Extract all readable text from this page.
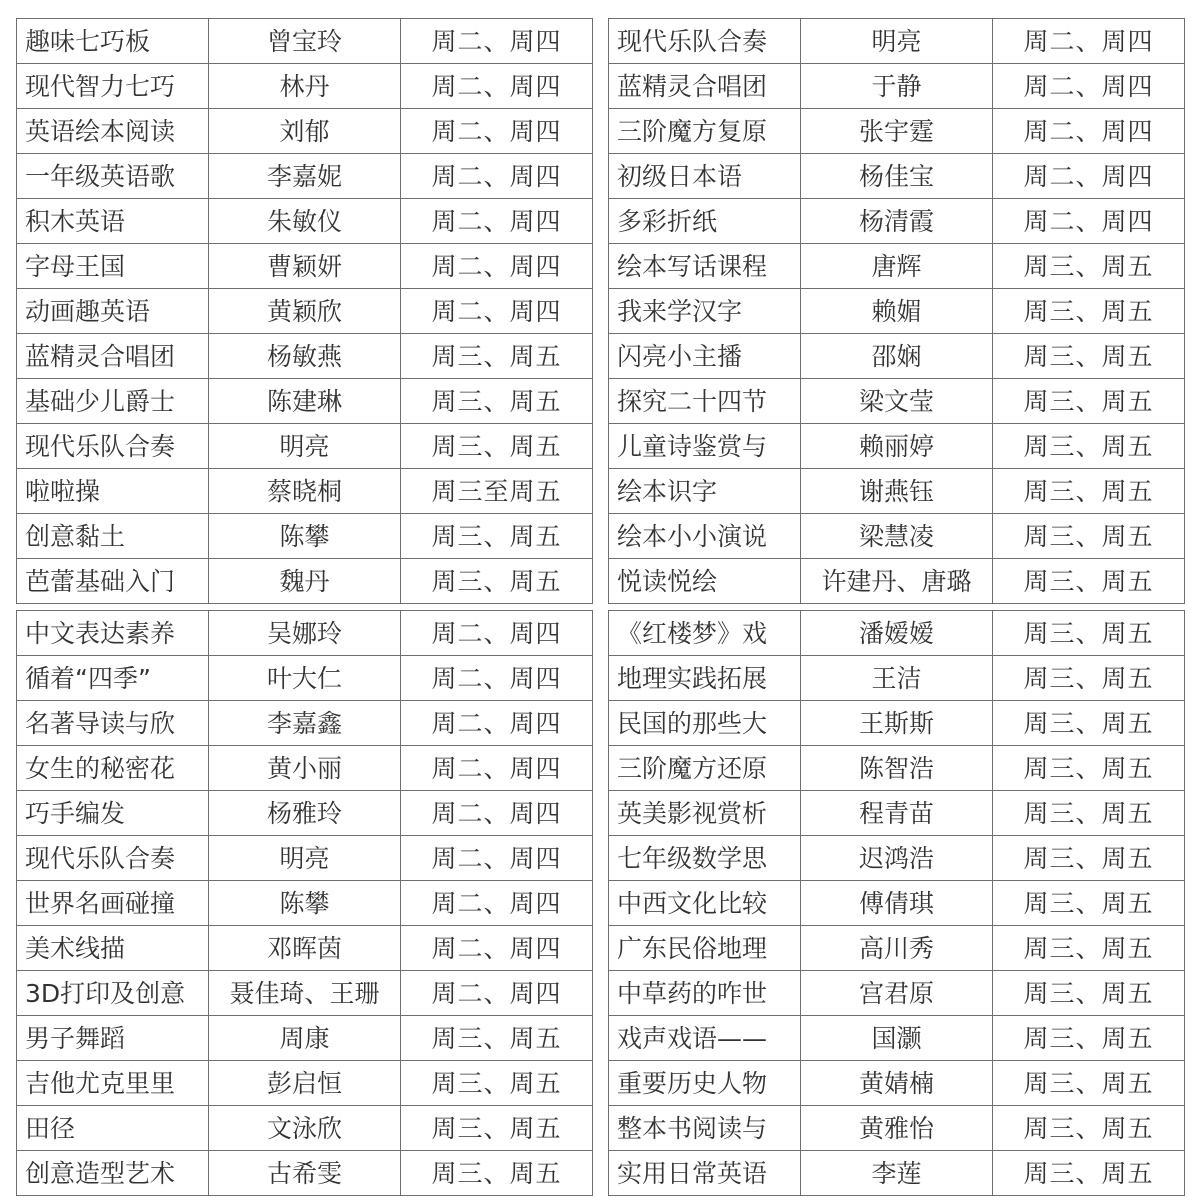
趣味七巧板	曾宝玲	周二、周四
现代智力七巧	林丹	周二、周四
英语绘本阅读	刘郁	周二、周四
一年级英语歌	李嘉妮	周二、周四
积木英语	朱敏仪	周二、周四
字母王国	曹颖妍	周二、周四
动画趣英语	黄颖欣	周二、周四
蓝精灵合唱团	杨敏燕	周三、周五
基础少儿爵士	陈建琳	周三、周五
现代乐队合奏	明亮	周三、周五
啦啦操	蔡晓桐	周三至周五
创意黏土	陈攀	周三、周五
芭蕾基础入门	魏丹	周三、周五
现代乐队合奏	明亮	周二、周四
蓝精灵合唱团	于静	周二、周四
三阶魔方复原	张宇霆	周二、周四
初级日本语	杨佳宝	周二、周四
多彩折纸	杨清霞	周二、周四
绘本写话课程	唐辉	周三、周五
我来学汉字	赖媚	周三、周五
闪亮小主播	邵娴	周三、周五
探究二十四节	梁文莹	周三、周五
儿童诗鉴赏与	赖丽婷	周三、周五
绘本识字	谢燕钰	周三、周五
绘本小小演说	梁慧凌	周三、周五
悦读悦绘	许建丹、唐璐	周三、周五
中文表达素养	吴娜玲	周二、周四
循着“四季”	叶大仁	周二、周四
名著导读与欣	李嘉鑫	周二、周四
女生的秘密花	黄小丽	周二、周四
巧手编发	杨雅玲	周二、周四
现代乐队合奏	明亮	周二、周四
世界名画碰撞	陈攀	周二、周四
美术线描	邓晖茵	周二、周四
3D打印及创意	聂佳琦、王珊	周二、周四
男子舞蹈	周康	周三、周五
吉他尤克里里	彭启恒	周三、周五
田径	文泳欣	周三、周五
创意造型艺术	古希雯	周三、周五
《红楼梦》戏	潘嫒嫒	周三、周五
地理实践拓展	王洁	周三、周五
民国的那些大	王斯斯	周三、周五
三阶魔方还原	陈智浩	周三、周五
英美影视赏析	程青苗	周三、周五
七年级数学思	迟鸿浩	周三、周五
中西文化比较	傅倩琪	周三、周五
广东民俗地理	高川秀	周三、周五
中草药的咋世	宫君原	周三、周五
戏声戏语——	国灏	周三、周五
重要历史人物	黄婧楠	周三、周五
整本书阅读与	黄雅怡	周三、周五
实用日常英语	李莲	周三、周五
